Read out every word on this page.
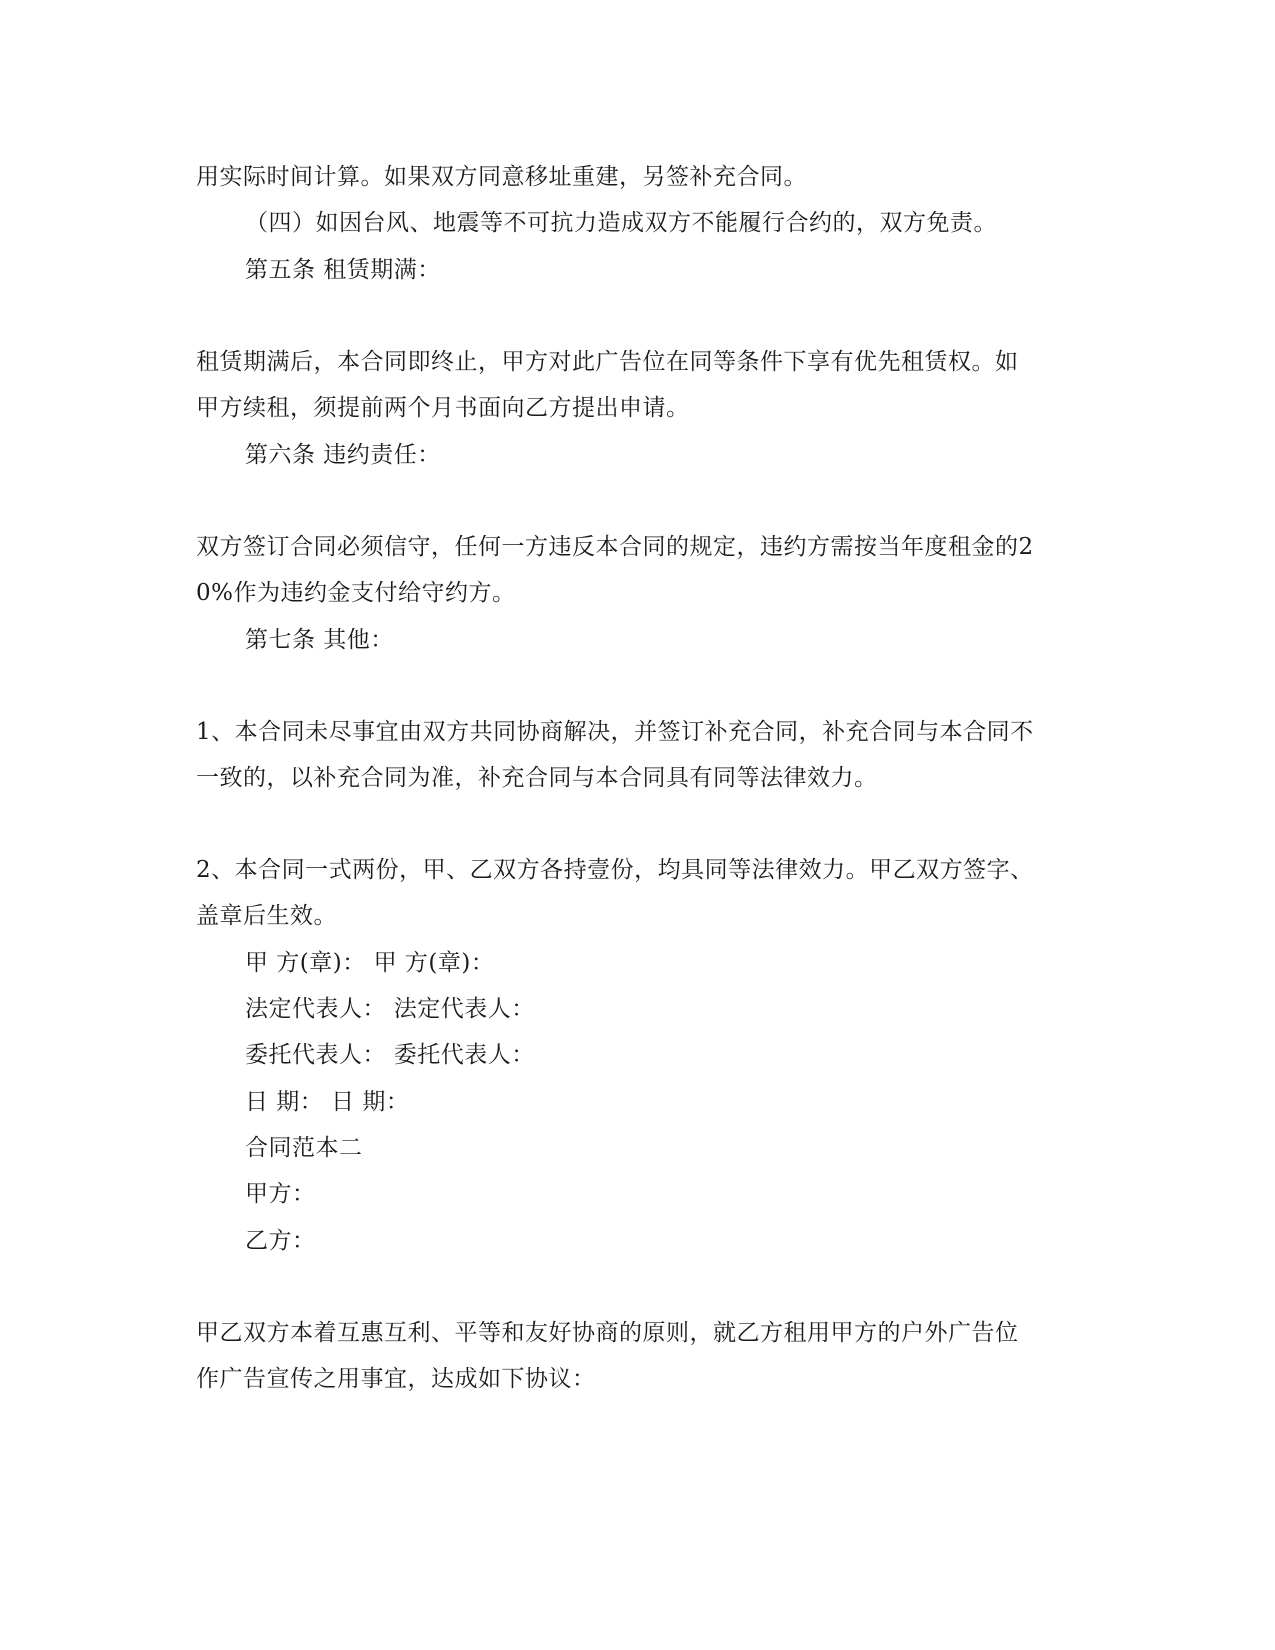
用实际时间计算。如果双方同意移址重建，另签补充合同。
（四）如因台风、地震等不可抗力造成双方不能履行合约的，双方免责。
第五条 租赁期满：
租赁期满后，本合同即终止，甲方对此广告位在同等条件下享有优先租赁权。如
甲方续租，须提前两个月书面向乙方提出申请。
第六条 违约责任：
双方签订合同必须信守，任何一方违反本合同的规定，违约方需按当年度租金的2
0%作为违约金支付给守约方。
第七条 其他：
1、本合同未尽事宜由双方共同协商解决，并签订补充合同，补充合同与本合同不
一致的，以补充合同为准，补充合同与本合同具有同等法律效力。
2、本合同一式两份，甲、乙双方各持壹份，均具同等法律效力。甲乙双方签字、
盖章后生效。
甲 方(章)： 甲 方(章)：
法定代表人： 法定代表人：
委托代表人： 委托代表人：
日 期： 日 期：
合同范本二
甲方：
乙方：
甲乙双方本着互惠互利、平等和友好协商的原则，就乙方租用甲方的户外广告位
作广告宣传之用事宜，达成如下协议：
